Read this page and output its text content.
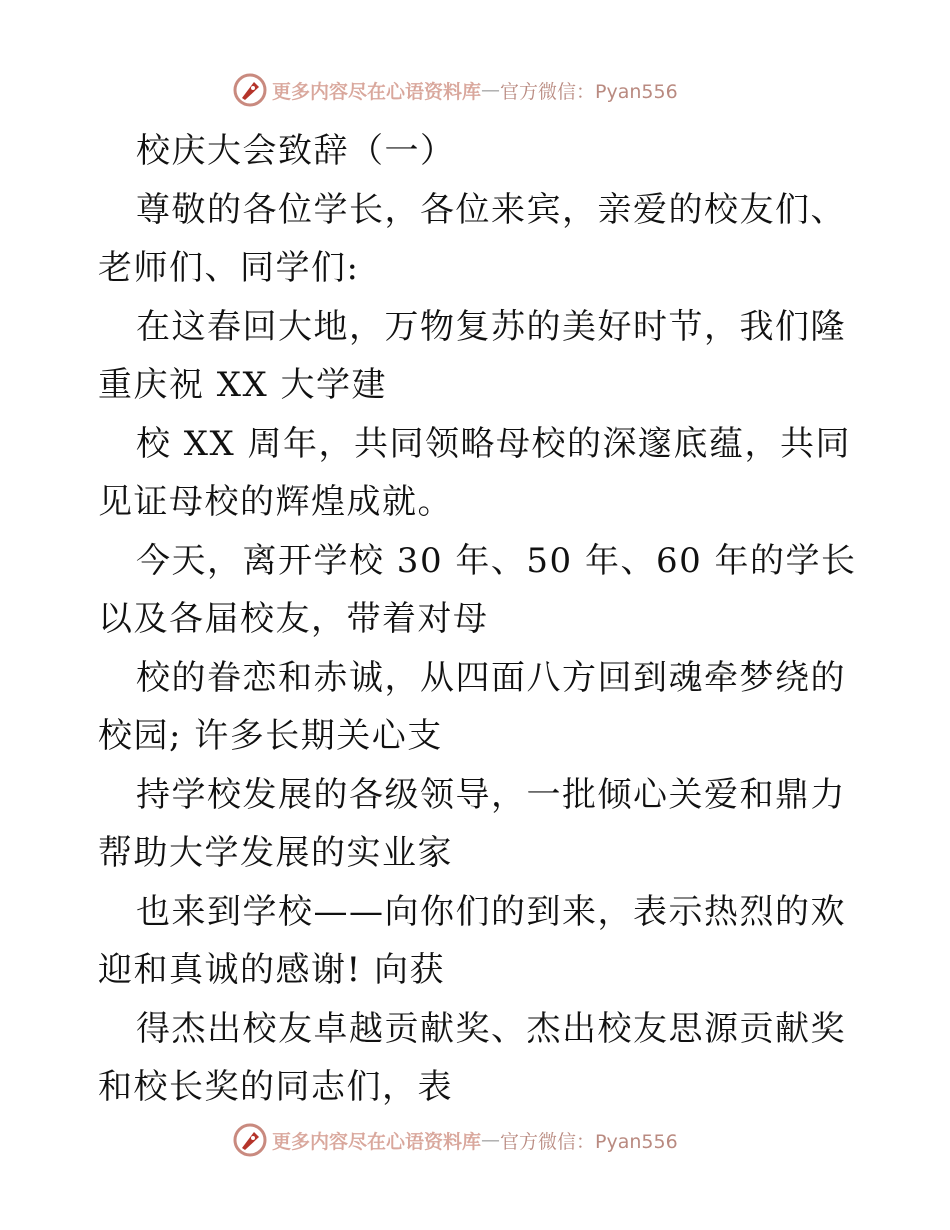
更多内容尽在心语资料库 — 官方微信：Pyan556

校庆大会致辞（一）

尊敬的各位学长，各位来宾，亲爱的校友们、老师们、同学们:

在这春回大地，万物复苏的美好时节，我们隆重庆祝 XX 大学建

校 XX 周年，共同领略母校的深邃底蕴，共同见证母校的辉煌成就。

今天，离开学校 30 年、50 年、60 年的学长以及各届校友，带着对母

校的眷恋和赤诚，从四面八方回到魂牵梦绕的校园; 许多长期关心支

持学校发展的各级领导，一批倾心关爱和鼎力帮助大学发展的实业家

也来到学校——向你们的到来，表示热烈的欢迎和真诚的感谢! 向获

得杰出校友卓越贡献奖、杰出校友思源贡献奖和校长奖的同志们，表

更多内容尽在心语资料库 — 官方微信：Pyan556
